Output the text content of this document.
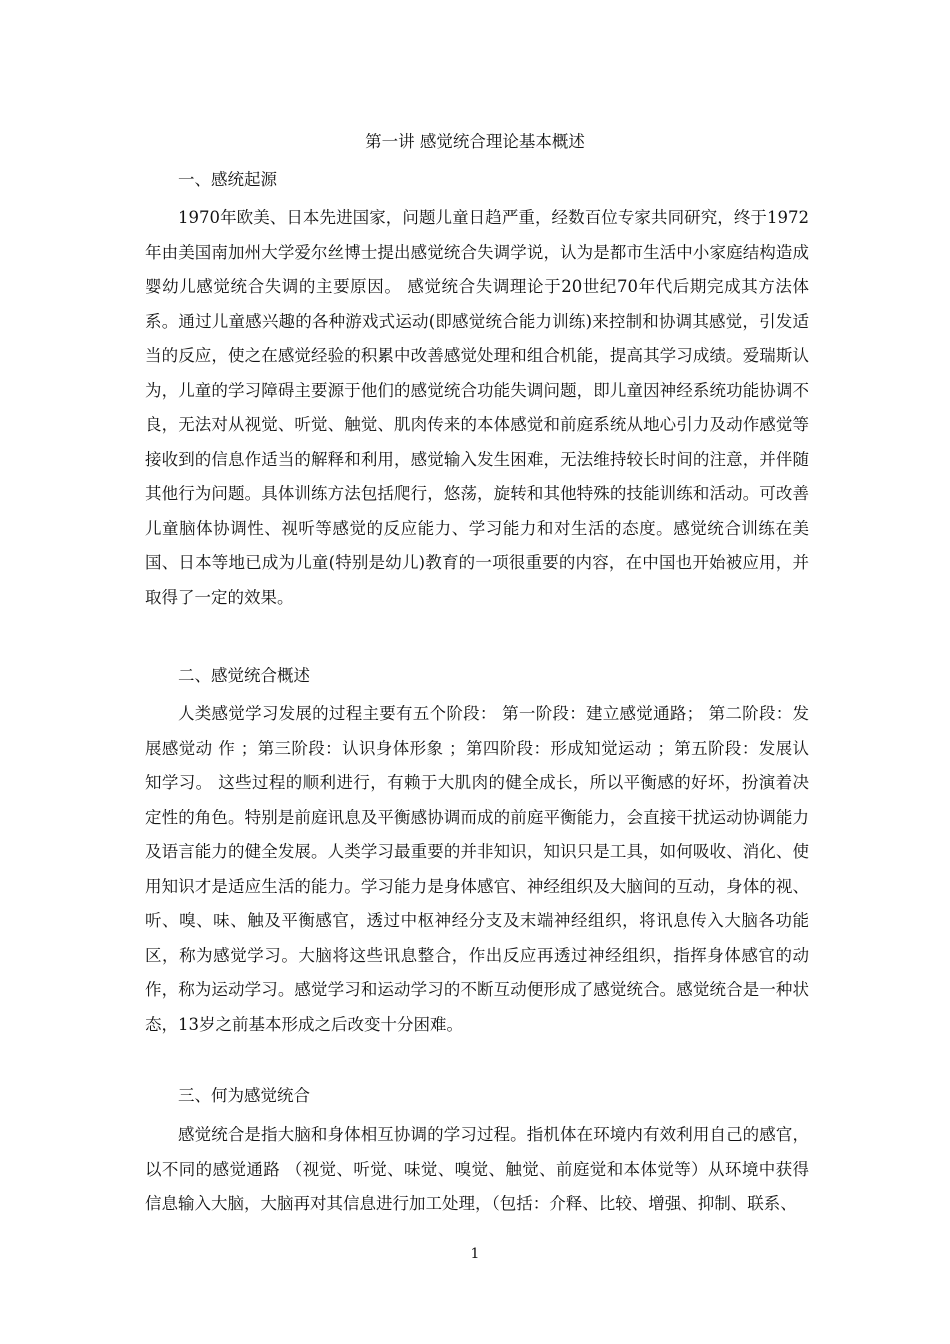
第一讲 感觉统合理论基本概述
一、感统起源

1970年欧美、日本先进国家，问题儿童日趋严重，经数百位专家共同研究，终于1972年由美国南加州大学爱尔丝博士提出感觉统合失调学说，认为是都市生活中小家庭结构造成婴幼儿感觉统合失调的主要原因。 感觉统合失调理论于20世纪70年代后期完成其方法体系。通过儿童感兴趣的各种游戏式运动(即感觉统合能力训练)来控制和协调其感觉，引发适当的反应，使之在感觉经验的积累中改善感觉处理和组合机能，提高其学习成绩。爱瑞斯认为，儿童的学习障碍主要源于他们的感觉统合功能失调问题，即儿童因神经系统功能协调不良，无法对从视觉、听觉、触觉、肌肉传来的本体感觉和前庭系统从地心引力及动作感觉等接收到的信息作适当的解释和利用，感觉输入发生困难，无法维持较长时间的注意，并伴随其他行为问题。具体训练方法包括爬行，悠荡，旋转和其他特殊的技能训练和活动。可改善儿童脑体协调性、视听等感觉的反应能力、学习能力和对生活的态度。感觉统合训练在美国、日本等地已成为儿童(特别是幼儿)教育的一项很重要的内容，在中国也开始被应用，并取得了一定的效果。

二、感觉统合概述

人类感觉学习发展的过程主要有五个阶段： 第一阶段：建立感觉通路； 第二阶段：发展感觉动 作 ；第三阶段：认识身体形象 ；第四阶段：形成知觉运动 ；第五阶段：发展认知学习。 这些过程的顺利进行，有赖于大肌肉的健全成长，所以平衡感的好坏，扮演着决定性的角色。特别是前庭讯息及平衡感协调而成的前庭平衡能力，会直接干扰运动协调能力及语言能力的健全发展。人类学习最重要的并非知识，知识只是工具，如何吸收、消化、使用知识才是适应生活的能力。学习能力是身体感官、神经组织及大脑间的互动，身体的视、听、嗅、味、触及平衡感官，透过中枢神经分支及末端神经组织，将讯息传入大脑各功能区，称为感觉学习。大脑将这些讯息整合，作出反应再透过神经组织，指挥身体感官的动作，称为运动学习。感觉学习和运动学习的不断互动便形成了感觉统合。感觉统合是一种状态，13岁之前基本形成之后改变十分困难。

三、何为感觉统合

感觉统合是指大脑和身体相互协调的学习过程。指机体在环境内有效利用自己的感官，以不同的感觉通路 （视觉、听觉、味觉、嗅觉、触觉、前庭觉和本体觉等）从环境中获得信息输入大脑，大脑再对其信息进行加工处理，（包括：介释、比较、增强、抑制、联系、

1
